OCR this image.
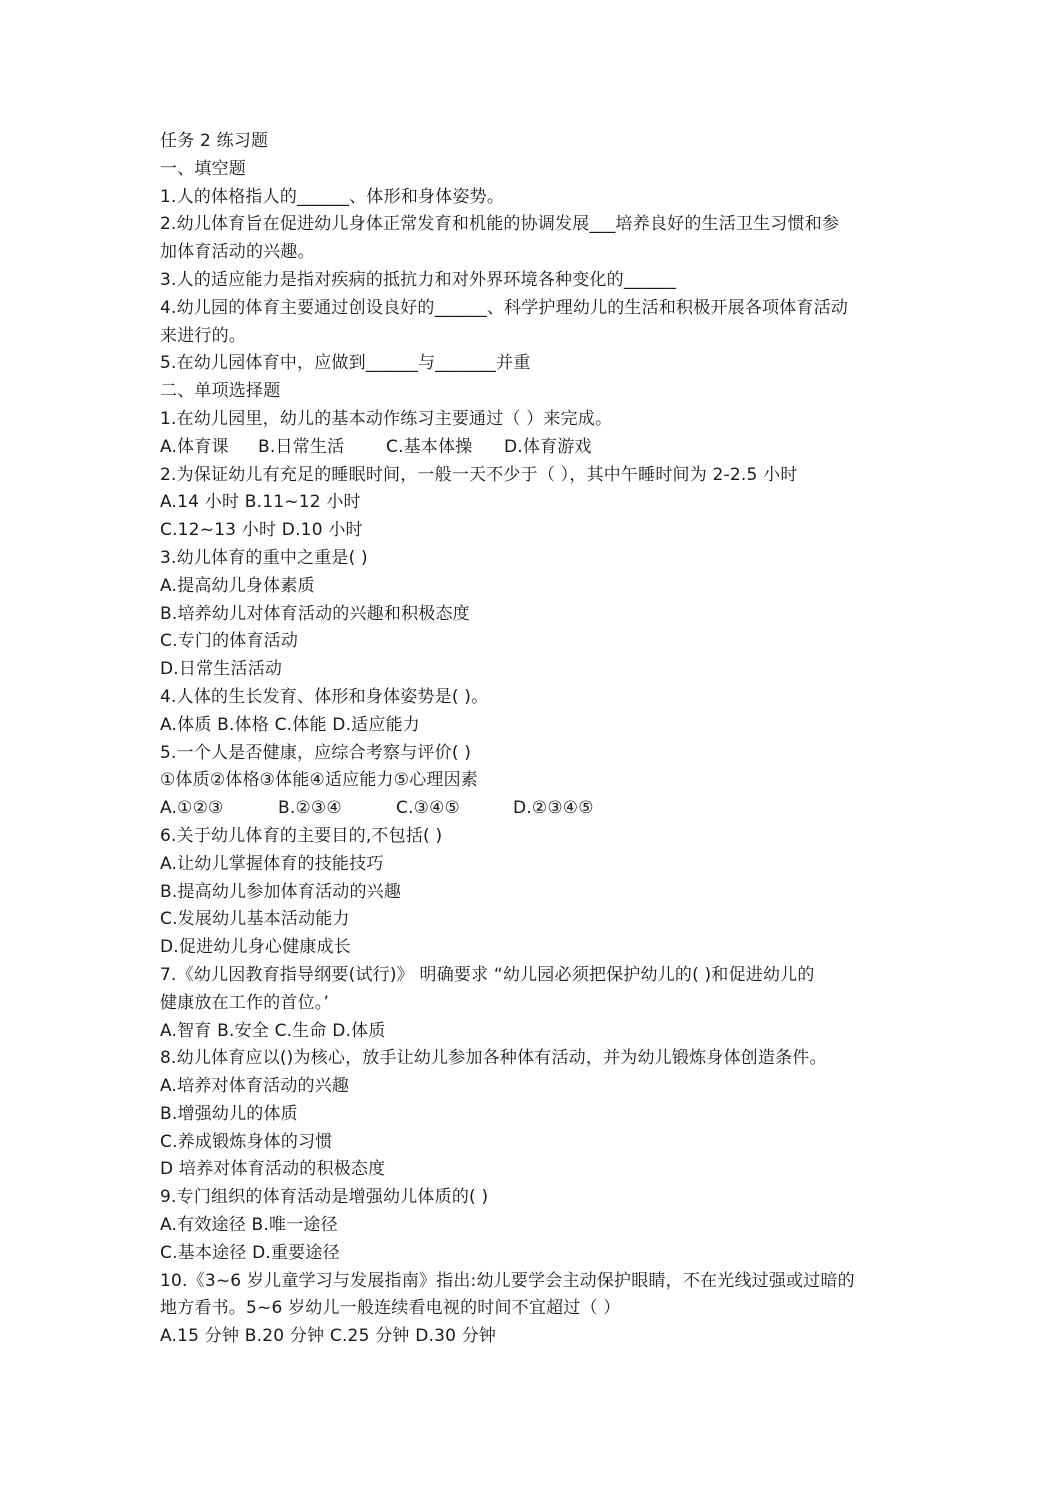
任务 2 练习题
一、填空题
1.人的体格指人的______、体形和身体姿势。
2.幼儿体育旨在促进幼儿身体正常发育和机能的协调发展___培养良好的生活卫生习惯和参
加体育活动的兴趣。
3.人的适应能力是指对疾病的抵抗力和对外界环境各种变化的______
4.幼儿园的体育主要通过创设良好的______、科学护理幼儿的生活和积极开展各项体育活动
来进行的。
5.在幼儿园体育中，应做到______与_______并重
二、单项选择题
1.在幼儿园里，幼儿的基本动作练习主要通过（ ）来完成。
A.体育课 B.日常生活 C.基本体操 D.体育游戏
2.为保证幼儿有充足的睡眠时间，一般一天不少于（ ），其中午睡时间为 2-2.5 小时
A.14 小时 B.11~12 小时
C.12~13 小时 D.10 小时
3.幼儿体育的重中之重是( )
A.提高幼儿身体素质
B.培养幼儿对体育活动的兴趣和积极态度
C.专门的体育活动
D.日常生活活动
4.人体的生长发育、体形和身体姿势是( )。
A.体质 B.体格 C.体能 D.适应能力
5.一个人是否健康，应综合考察与评价( )
①体质②体格③体能④适应能力⑤心理因素
A.①②③	B.②③④	C.③④⑤	D.②③④⑤
6.关于幼儿体育的主要目的,不包括( )
A.让幼儿掌握体育的技能技巧
B.提高幼儿参加体育活动的兴趣
C.发展幼儿基本活动能力
D.促进幼儿身心健康成长
7.《幼儿因教育指导纲要(试行)》 明确要求 “幼儿园必须把保护幼儿的( )和促进幼儿的
健康放在工作的首位。’
A.智育 B.安全 C.生命 D.体质
8.幼儿体育应以()为核心，放手让幼儿参加各种体有活动，并为幼儿锻炼身体创造条件。
A.培养对体育活动的兴趣
B.增强幼儿的体质
C.养成锻炼身体的习惯
D 培养对体育活动的积极态度
9.专门组织的体育活动是增强幼儿体质的( )
A.有效途径 B.唯一途径
C.基本途径 D.重要途径
10.《3~6 岁儿童学习与发展指南》指出:幼儿要学会主动保护眼睛，不在光线过强或过暗的
地方看书。5~6 岁幼儿一般连续看电视的时间不宜超过（ ）
A.15 分钟 B.20 分钟 C.25 分钟 D.30 分钟
